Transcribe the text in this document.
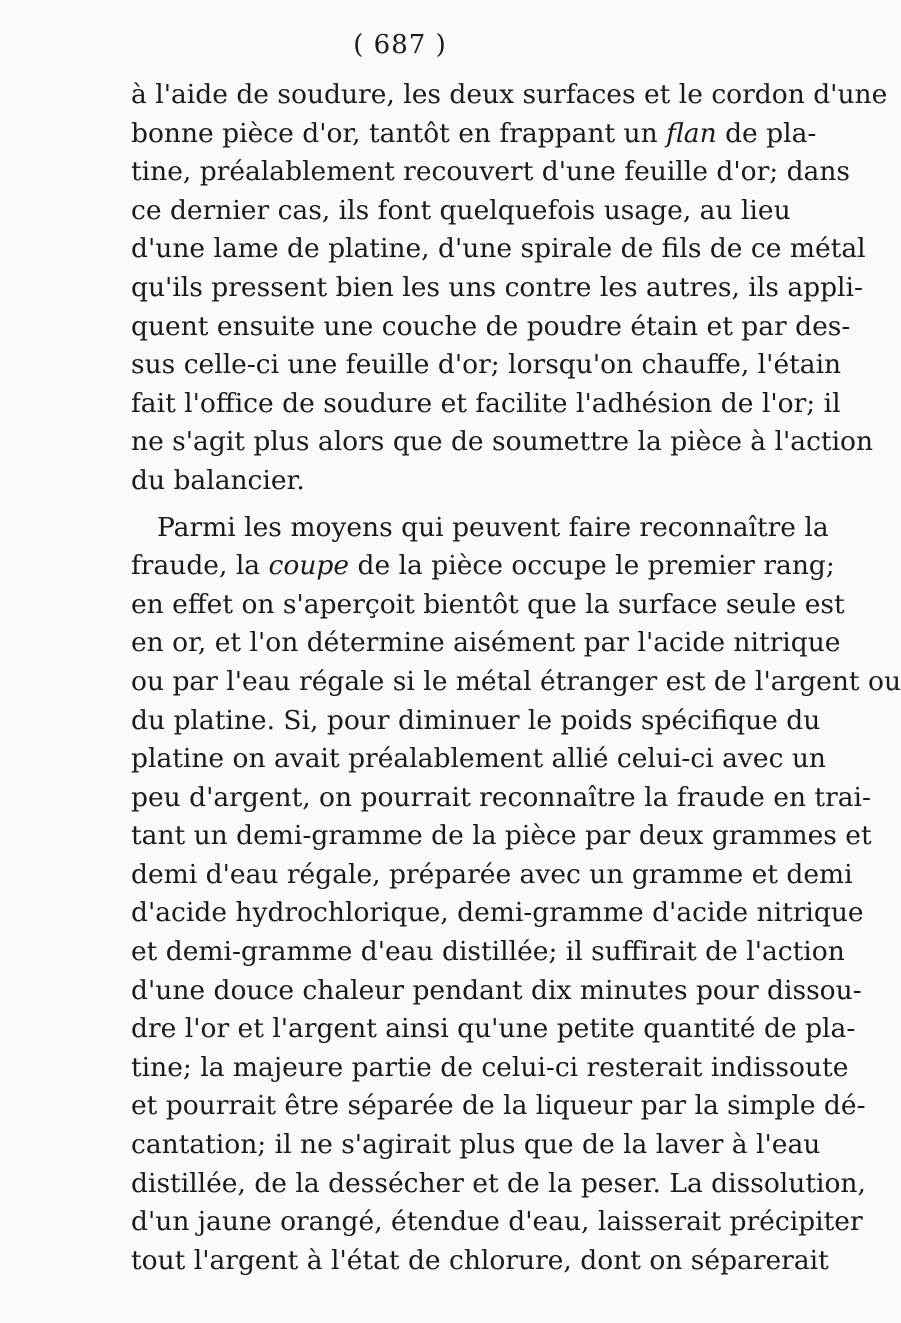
( 687 )
à l'aide de soudure, les deux surfaces et le cordon d'une
bonne pièce d'or, tantôt en frappant un flan de pla-
tine, préalablement recouvert d'une feuille d'or; dans
ce dernier cas, ils font quelquefois usage, au lieu
d'une lame de platine, d'une spirale de fils de ce métal
qu'ils pressent bien les uns contre les autres, ils appli-
quent ensuite une couche de poudre étain et par des-
sus celle-ci une feuille d'or; lorsqu'on chauffe, l'étain
fait l'office de soudure et facilite l'adhésion de l'or; il
ne s'agit plus alors que de soumettre la pièce à l'action
du balancier.
Parmi les moyens qui peuvent faire reconnaître la
fraude, la coupe de la pièce occupe le premier rang;
en effet on s'aperçoit bientôt que la surface seule est
en or, et l'on détermine aisément par l'acide nitrique
ou par l'eau régale si le métal étranger est de l'argent ou
du platine. Si, pour diminuer le poids spécifique du
platine on avait préalablement allié celui-ci avec un
peu d'argent, on pourrait reconnaître la fraude en trai-
tant un demi-gramme de la pièce par deux grammes et
demi d'eau régale, préparée avec un gramme et demi
d'acide hydrochlorique, demi-gramme d'acide nitrique
et demi-gramme d'eau distillée; il suffirait de l'action
d'une douce chaleur pendant dix minutes pour dissou-
dre l'or et l'argent ainsi qu'une petite quantité de pla-
tine; la majeure partie de celui-ci resterait indissoute
et pourrait être séparée de la liqueur par la simple dé-
cantation; il ne s'agirait plus que de la laver à l'eau
distillée, de la dessécher et de la peser. La dissolution,
d'un jaune orangé, étendue d'eau, laisserait précipiter
tout l'argent à l'état de chlorure, dont on séparerait
